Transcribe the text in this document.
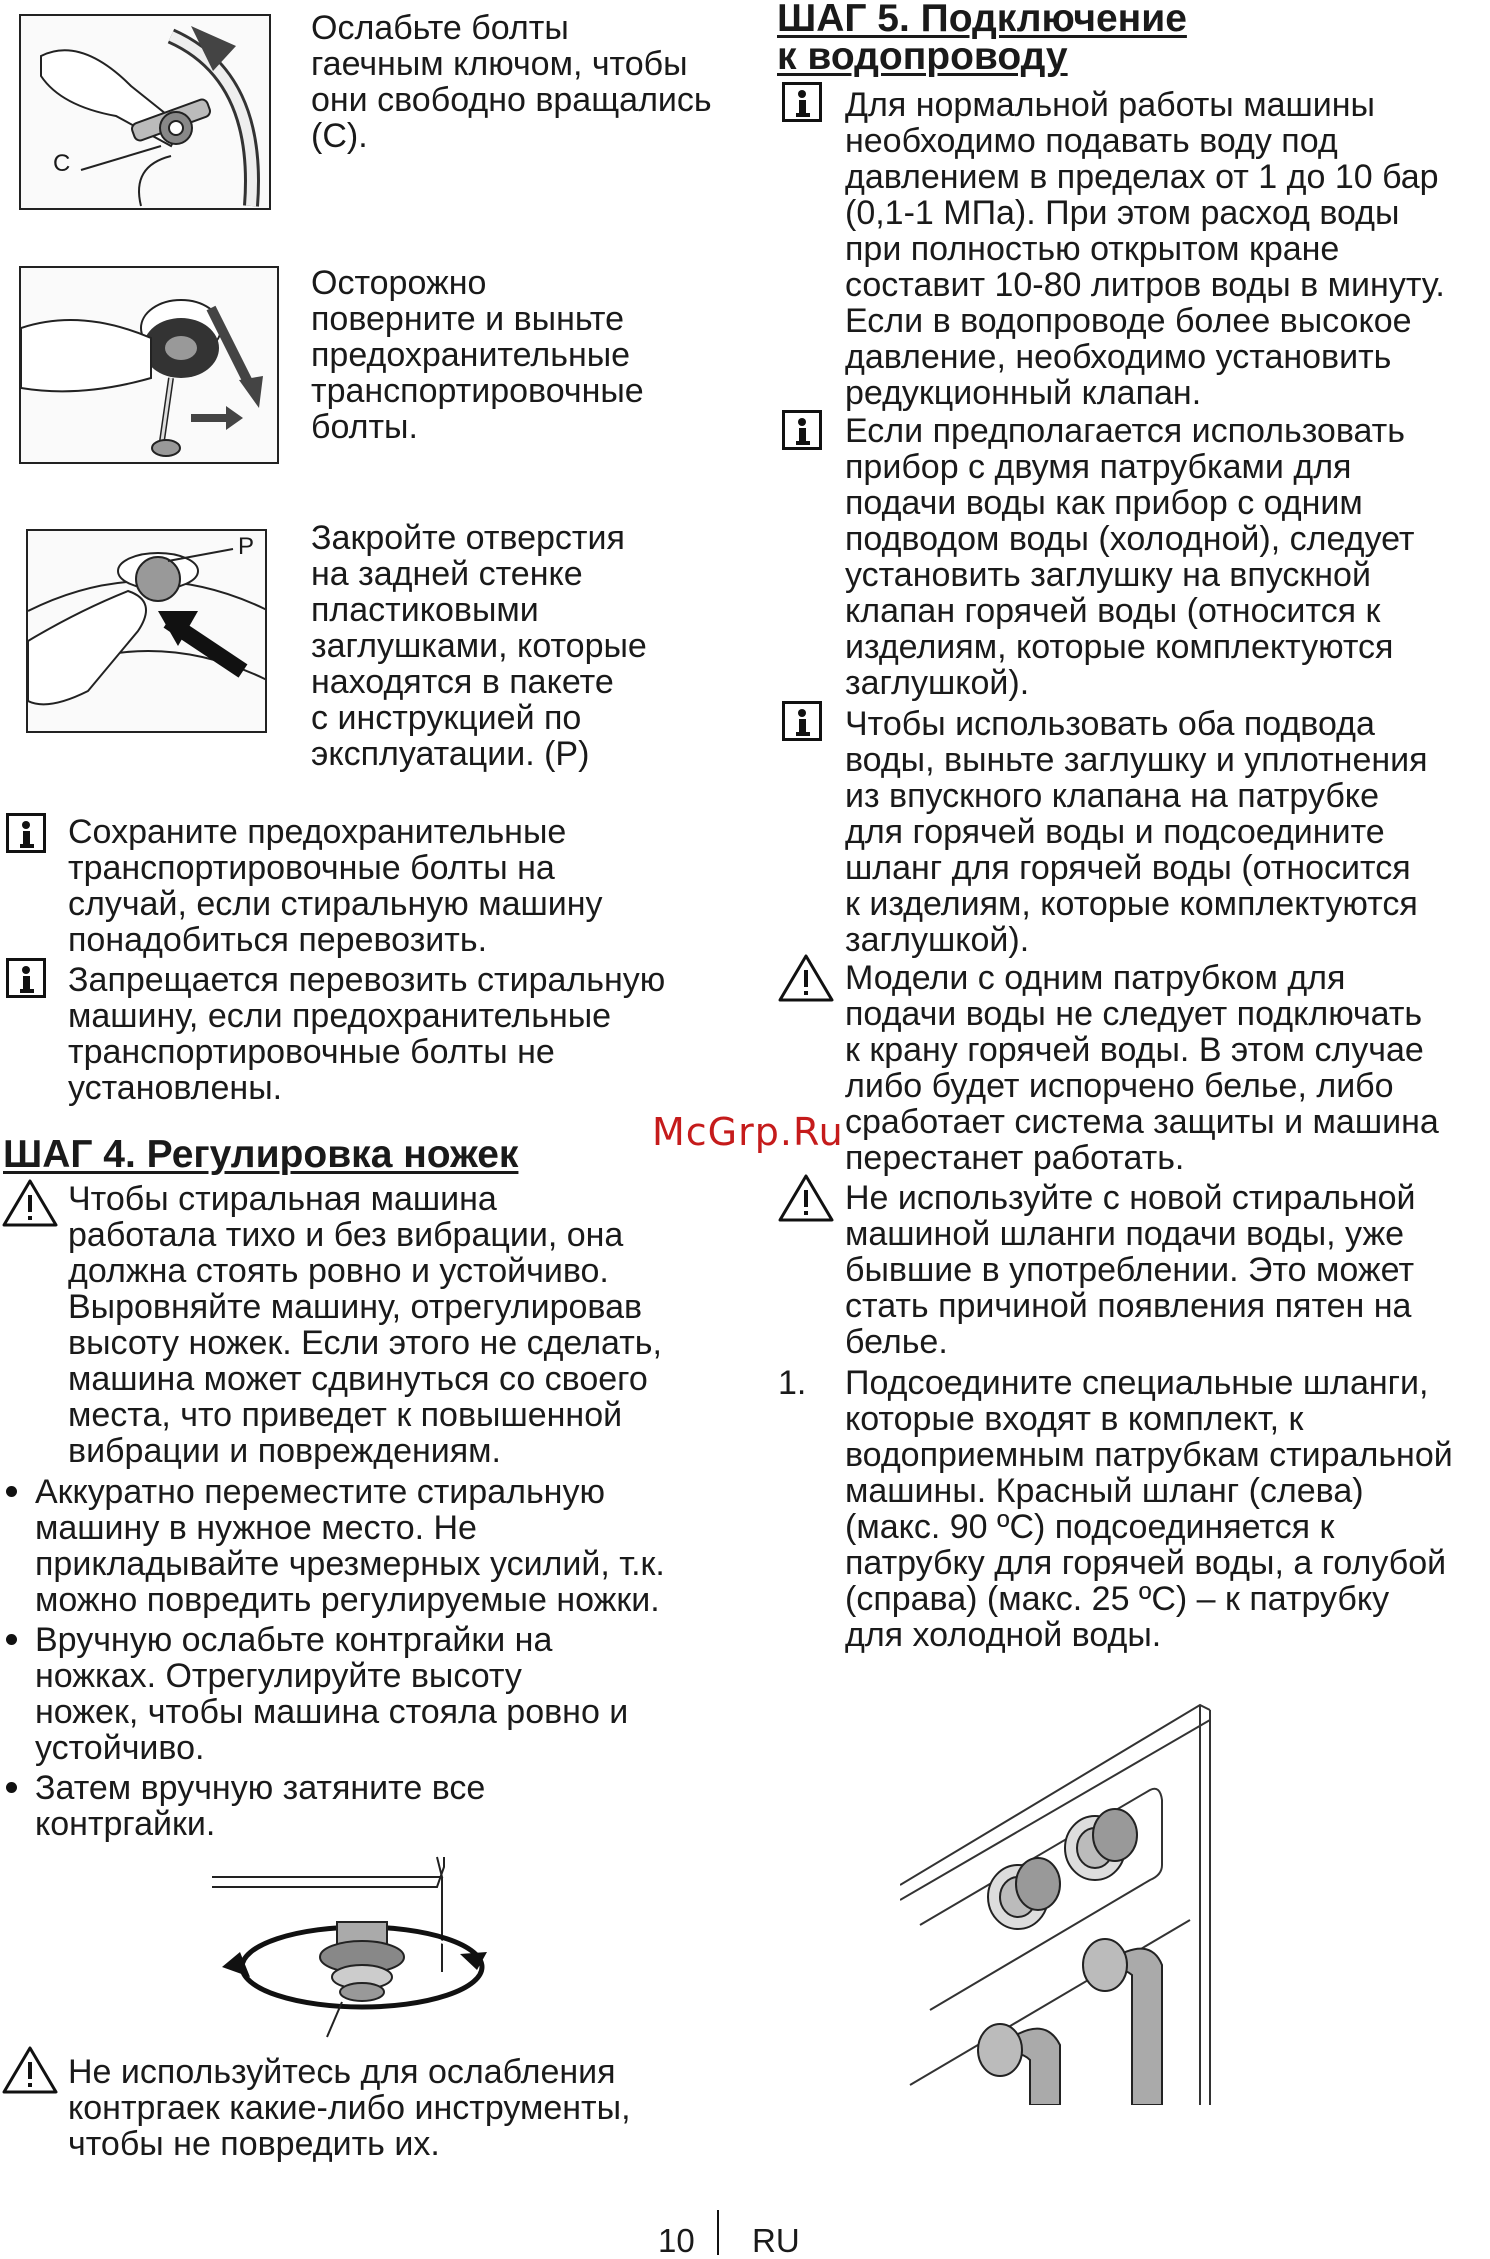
С
Ослабьте болты
гаечным ключом, чтобы
они свободно вращались
(С).
Осторожно
поверните и выньте
предохранительные
транспортировочные
болты.
P Закройте отверстия
на задней стенке
пластиковыми
заглушками, которые
находятся в пакете
с инструкцией по
эксплуатации. (Р)
Сохраните предохранительные
транспортировочные болты на
случай, если стиральную машину
понадобиться перевозить.
Запрещается перевозить стиральную
машину, если предохранительные
транспортировочные болты не
установлены.
ШАГ 4. Регулировка ножек
Чтобы стиральная машина
работала тихо и без вибрации, она
должна стоять ровно и устойчиво.
Выровняйте машину, отрегулировав
высоту ножек. Если этого не сделать,
машина может сдвинуться со своего
места, что приведет к повышенной
вибрации и повреждениям.
Аккуратно переместите стиральную
машину в нужное место. Не
прикладывайте чрезмерных усилий, т.к.
можно повредить регулируемые ножки.
Вручную ослабьте контргайки на
ножках. Отрегулируйте высоту
ножек, чтобы машина стояла ровно и
устойчиво.
Затем вручную затяните все
контргайки.
Не используйтесь для ослабления
контргаек какие-либо инструменты,
чтобы не повредить их.
ШАГ 5. Подключение
к водопроводу
Для нормальной работы машины
необходимо подавать воду под
давлением в пределах от 1 до 10 бар
(0,1-1 МПа). При этом расход воды
при полностью открытом кране
составит 10-80 литров воды в минуту.
Если в водопроводе более высокое
давление, необходимо установить
редукционный клапан.
Если предполагается использовать
прибор с двумя патрубками для
подачи воды как прибор с одним
подводом воды (холодной), следует
установить заглушку на впускной
клапан горячей воды (относится к
изделиям, которые комплектуются
заглушкой).
Чтобы использовать оба подвода
воды, выньте заглушку и уплотнения
из впускного клапана на патрубке
для горячей воды и подсоедините
шланг для горячей воды (относится
к изделиям, которые комплектуются
заглушкой).
Модели с одним патрубком для
подачи воды не следует подключать
к крану горячей воды. В этом случае
либо будет испорчено белье, либо
сработает система защиты и машина
перестанет работать.
Не используйте с новой стиральной
машиной шланги подачи воды, уже
бывшие в употреблении. Это может
стать причиной появления пятен на
белье.
1. Подсоедините специальные шланги,
которые входят в комплект, к
водоприемным патрубкам стиральной
машины. Красный шланг (слева)
(макс. 90 ºС) подсоединяется к
патрубку для горячей воды, а голубой
(справа) (макс. 25 ºС) – к патрубку
для холодной воды.
McGrp.Ru
10 RU
